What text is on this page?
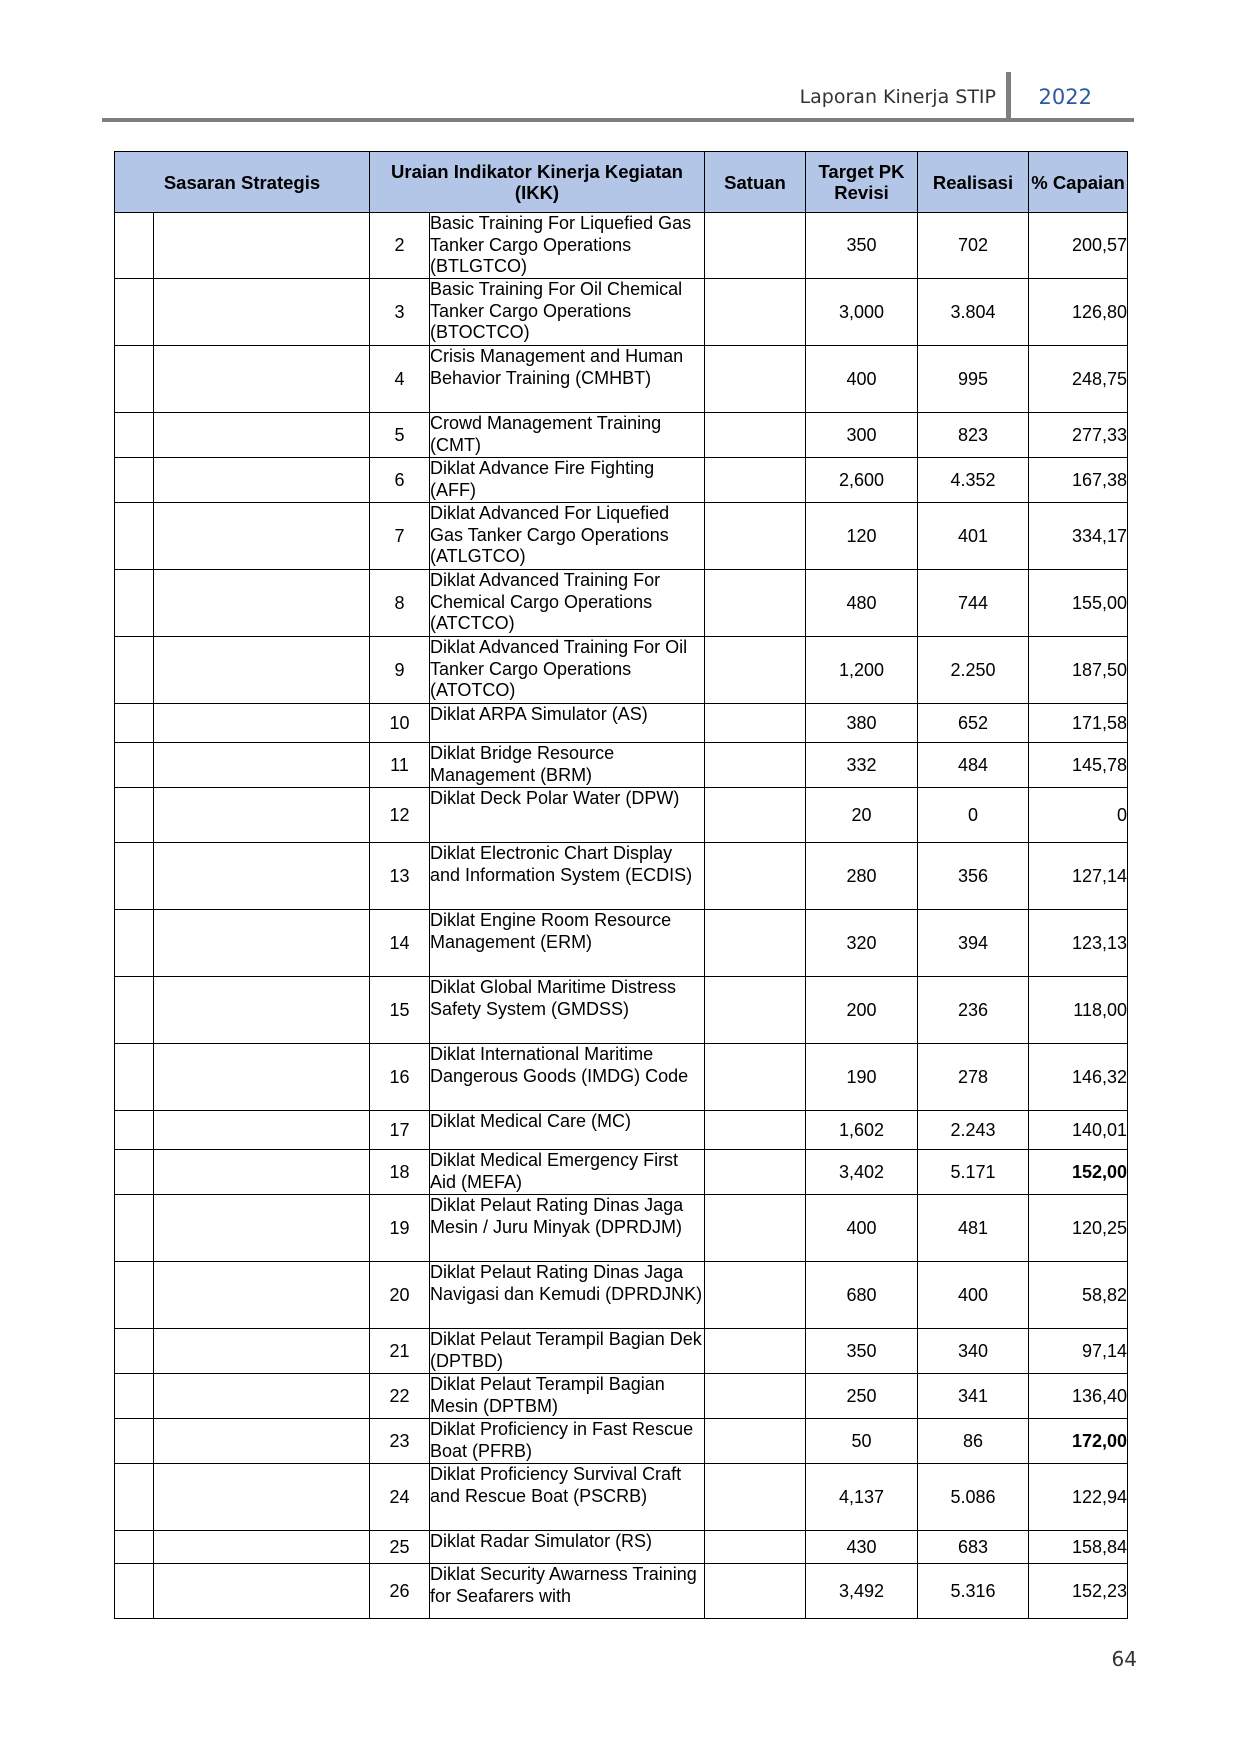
Laporan Kinerja STIP 2022
Sasaran Strategis		Uraian Indikator Kinerja Kegiatan (IKK)		Satuan	Target PK Revisi	Realisasi	% Capaian
		2	Basic Training For Liquefied Gas Tanker Cargo Operations (BTLGTCO)		350	702	200,57
		3	Basic Training For Oil Chemical Tanker Cargo Operations (BTOCTCO)		3,000	3.804	126,80
		4	Crisis Management and Human Behavior Training (CMHBT)		400	995	248,75
		5	Crowd Management Training (CMT)		300	823	277,33
		6	Diklat Advance Fire Fighting (AFF)		2,600	4.352	167,38
		7	Diklat Advanced For Liquefied Gas Tanker Cargo Operations (ATLGTCO)		120	401	334,17
		8	Diklat Advanced Training For Chemical Cargo Operations (ATCTCO)		480	744	155,00
		9	Diklat Advanced Training For Oil Tanker Cargo Operations (ATOTCO)		1,200	2.250	187,50
		10	Diklat ARPA Simulator (AS)		380	652	171,58
		11	Diklat Bridge Resource Management (BRM)		332	484	145,78
		12	Diklat Deck Polar Water (DPW)		20	0	0
		13	Diklat Electronic Chart Display and Information System (ECDIS)		280	356	127,14
		14	Diklat Engine Room Resource Management (ERM)		320	394	123,13
		15	Diklat Global Maritime Distress Safety System (GMDSS)		200	236	118,00
		16	Diklat International Maritime Dangerous Goods (IMDG) Code		190	278	146,32
		17	Diklat Medical Care (MC)		1,602	2.243	140,01
		18	Diklat Medical Emergency First Aid (MEFA)		3,402	5.171	152,00
		19	Diklat Pelaut Rating Dinas Jaga Mesin / Juru Minyak (DPRDJM)		400	481	120,25
		20	Diklat Pelaut Rating Dinas Jaga Navigasi dan Kemudi (DPRDJNK)		680	400	58,82
		21	Diklat Pelaut Terampil Bagian Dek (DPTBD)		350	340	97,14
		22	Diklat Pelaut Terampil Bagian Mesin (DPTBM)		250	341	136,40
		23	Diklat Proficiency in Fast Rescue Boat (PFRB)		50	86	172,00
		24	Diklat Proficiency Survival Craft and Rescue Boat (PSCRB)		4,137	5.086	122,94
		25	Diklat Radar Simulator (RS)		430	683	158,84
		26	Diklat Security Awarness Training for Seafarers with		3,492	5.316	152,23
64
